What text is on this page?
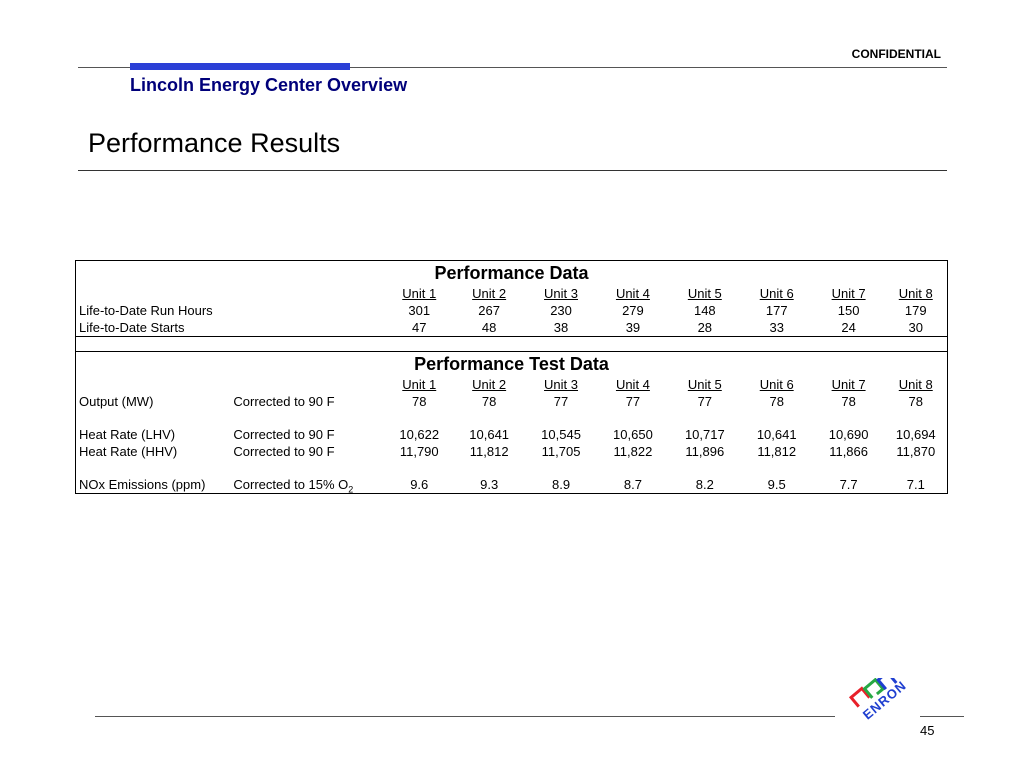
CONFIDENTIAL
Lincoln Energy Center Overview
Performance Results
Performance Data									
		Unit 1	Unit 2	Unit 3	Unit 4	Unit 5	Unit 6	Unit 7	Unit 8
Life-to-Date Run Hours		301	267	230	279	148	177	150	179
Life-to-Date Starts		47	48	38	39	28	33	24	30

Performance Test Data									
		Unit 1	Unit 2	Unit 3	Unit 4	Unit 5	Unit 6	Unit 7	Unit 8
Output (MW)	Corrected to 90 F	78	78	77	77	77	78	78	78

Heat Rate (LHV)	Corrected to 90 F	10,622	10,641	10,545	10,650	10,717	10,641	10,690	10,694
Heat Rate (HHV)	Corrected to 90 F	11,790	11,812	11,705	11,822	11,896	11,812	11,866	11,870

NOx Emissions (ppm)	Corrected to 15% $O_2$	9.6	9.3	8.9	8.7	8.2	9.5	7.7	7.1
45
ENRON
